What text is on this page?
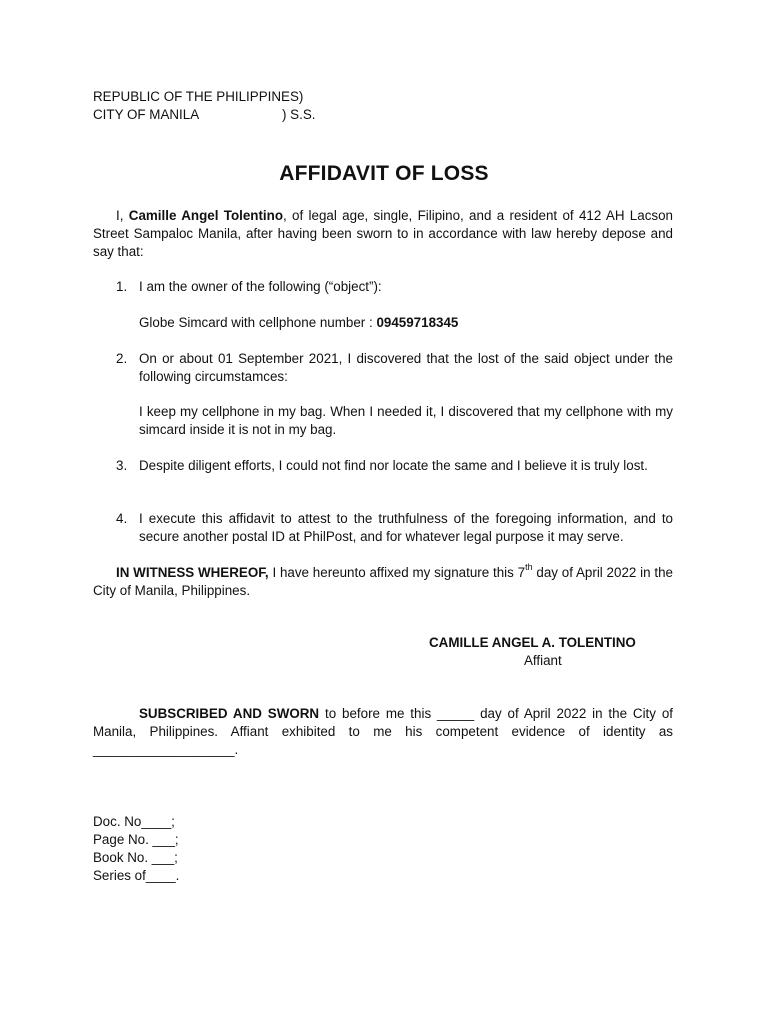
REPUBLIC OF THE PHILIPPINES)
CITY OF MANILA	) S.S.
AFFIDAVIT OF LOSS
I, Camille Angel Tolentino, of legal age, single, Filipino, and a resident of 412 AH Lacson Street Sampaloc Manila, after having been sworn to in accordance with law hereby depose and say that:
1. I am the owner of the following (“object”):
Globe Simcard with cellphone number : 09459718345
2. On or about 01 September 2021, I discovered that the lost of the said object under the following circumstamces:
I keep my cellphone in my bag. When I needed it, I discovered that my cellphone with my simcard inside it is not in my bag.
3. Despite diligent efforts, I could not find nor locate the same and I believe it is truly lost.
4. I execute this affidavit to attest to the truthfulness of the foregoing information, and to secure another postal ID at PhilPost, and for whatever legal purpose it may serve.
IN WITNESS WHEREOF, I have hereunto affixed my signature this 7th day of April 2022 in the City of Manila, Philippines.
CAMILLE ANGEL A. TOLENTINO
Affiant
SUBSCRIBED AND SWORN to before me this _____ day of April 2022 in the City of Manila, Philippines. Affiant exhibited to me his competent evidence of identity as ___________________.
Doc. No____;
Page No. ___;
Book No. ___;
Series of____.
